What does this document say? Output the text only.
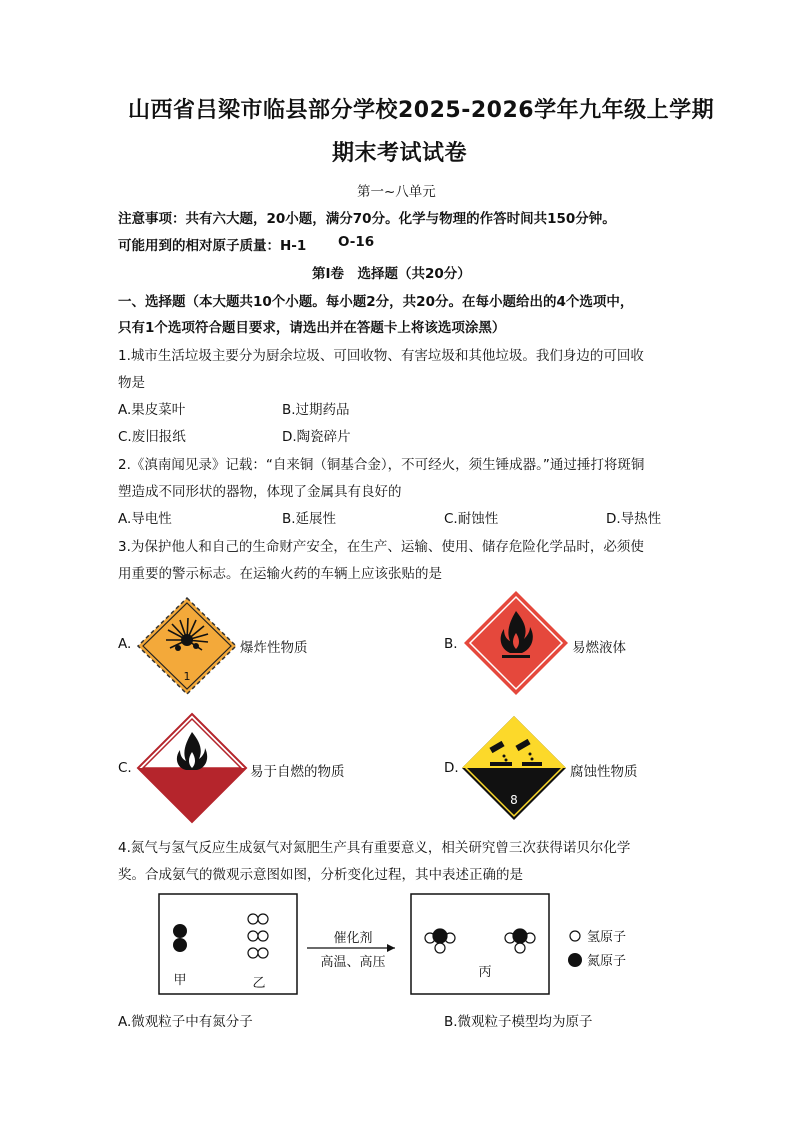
山西省吕梁市临县部分学校2025-2026学年九年级上学期
期末考试试卷
第一~八单元
注意事项：共有六大题，20小题，满分70分。化学与物理的作答时间共150分钟。
可能用到的相对原子质量：H-1 O-16
第Ⅰ卷　选择题（共20分）
一、选择题（本大题共10个小题。每小题2分，共20分。在每小题给出的4个选项中，
只有1个选项符合题目要求，请选出并在答题卡上将该选项涂黑）
1.城市生活垃圾主要分为厨余垃圾、可回收物、有害垃圾和其他垃圾。我们身边的可回收
物是
A.果皮菜叶	B.过期药品
C.废旧报纸	D.陶瓷碎片
2.《滇南闻见录》记载：“自来铜（铜基合金），不可经火，须生锤成器。”通过捶打将斑铜
塑造成不同形状的器物，体现了金属具有良好的
A.导电性	B.延展性	C.耐蚀性	D.导热性
3.为保护他人和自己的生命财产安全，在生产、运输、使用、储存危险化学品时，必须使
用重要的警示标志。在运输火药的车辆上应该张贴的是
A.
1
爆炸性物质	B.	易燃液体
C.	易于自燃的物质	D.
8
腐蚀性物质
4.氮气与氢气反应生成氨气对氮肥生产具有重要意义，相关研究曾三次获得诺贝尔化学
奖。合成氨气的微观示意图如图，分析变化过程，其中表述正确的是
甲	乙
催化剂
高温、高压
丙
氢原子
氮原子
A.微观粒子中有氮分子	B.微观粒子模型均为原子
